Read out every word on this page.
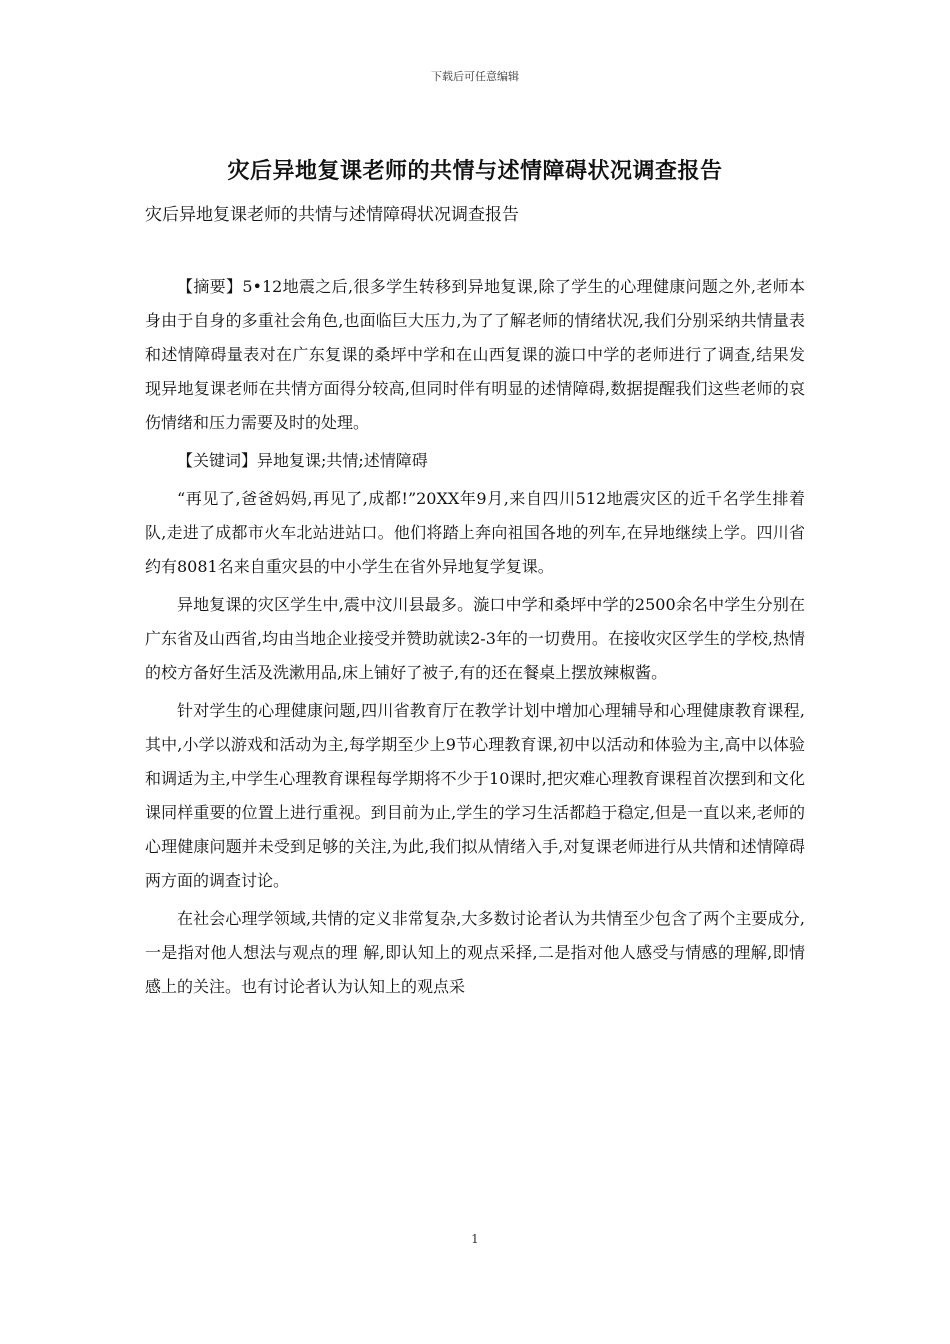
下载后可任意编辑
灾后异地复课老师的共情与述情障碍状况调查报告

灾后异地复课老师的共情与述情障碍状况调查报告

【摘要】5•12地震之后,很多学生转移到异地复课,除了学生的心理健康问题之外,老师本身由于自身的多重社会角色,也面临巨大压力,为了了解老师的情绪状况,我们分别采纳共情量表和述情障碍量表对在广东复课的桑坪中学和在山西复课的漩口中学的老师进行了调查,结果发现异地复课老师在共情方面得分较高,但同时伴有明显的述情障碍,数据提醒我们这些老师的哀伤情绪和压力需要及时的处理。

【关键词】异地复课;共情;述情障碍

“再见了,爸爸妈妈,再见了,成都!”20XX年9月,来自四川512地震灾区的近千名学生排着队,走进了成都市火车北站进站口。他们将踏上奔向祖国各地的列车,在异地继续上学。四川省约有8081名来自重灾县的中小学生在省外异地复学复课。

异地复课的灾区学生中,震中汶川县最多。漩口中学和桑坪中学的2500余名中学生分别在广东省及山西省,均由当地企业接受并赞助就读2-3年的一切费用。在接收灾区学生的学校,热情的校方备好生活及洗漱用品,床上铺好了被子,有的还在餐桌上摆放辣椒酱。

针对学生的心理健康问题,四川省教育厅在教学计划中增加心理辅导和心理健康教育课程,其中,小学以游戏和活动为主,每学期至少上9节心理教育课,初中以活动和体验为主,高中以体验和调适为主,中学生心理教育课程每学期将不少于10课时,把灾难心理教育课程首次摆到和文化课同样重要的位置上进行重视。到目前为止,学生的学习生活都趋于稳定,但是一直以来,老师的心理健康问题并未受到足够的关注,为此,我们拟从情绪入手,对复课老师进行从共情和述情障碍两方面的调查讨论。

在社会心理学领域,共情的定义非常复杂,大多数讨论者认为共情至少包含了两个主要成分,一是指对他人想法与观点的理 解,即认知上的观点采择,二是指对他人感受与情感的理解,即情感上的关注。也有讨论者认为认知上的观点采

1
